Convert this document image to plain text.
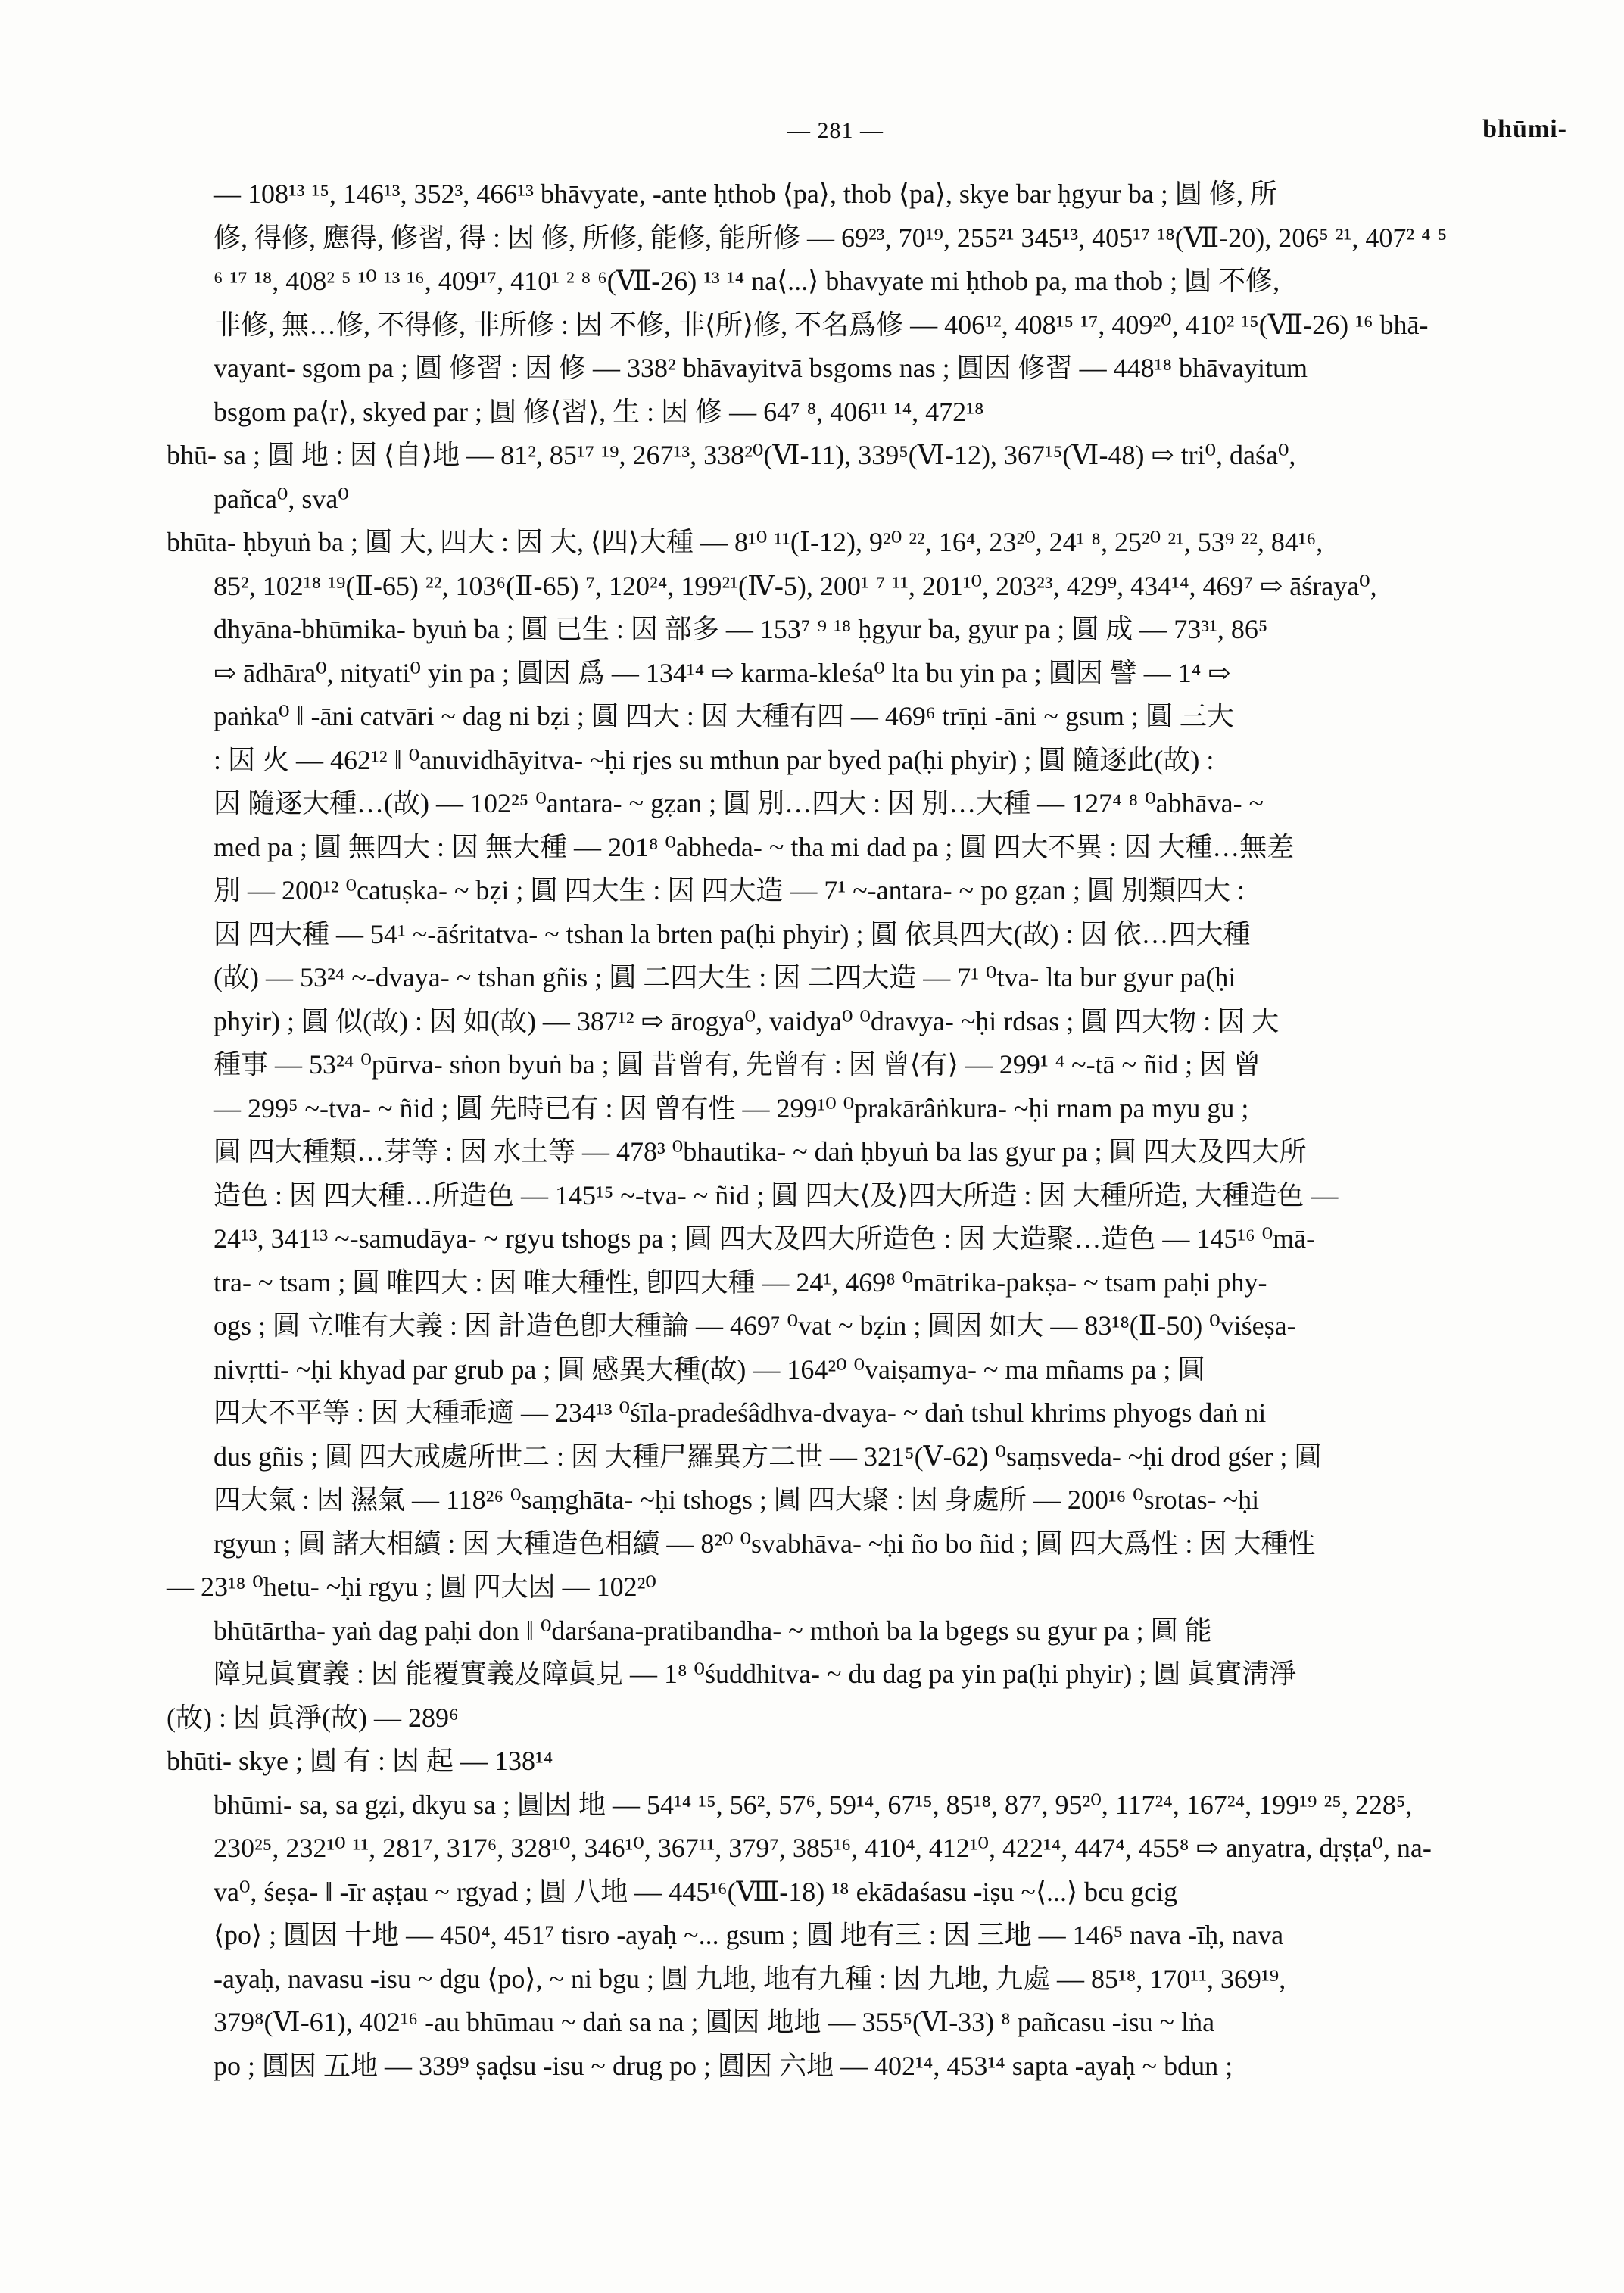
— 281 —	bhūmi-

— 108¹³ ¹⁵, 146¹³, 352³, 466¹³ bhāvyate, -ante ḥthob ⟨pa⟩, thob ⟨pa⟩, skye bar ḥgyur ba ; 圓 修, 所

修, 得修, 應得, 修習, 得 : 因 修, 所修, 能修, 能所修 — 69²³, 70¹⁹, 255²¹ 345¹³, 405¹⁷ ¹⁸(Ⅶ-20), 206⁵ ²¹, 407² ⁴ ⁵

⁶ ¹⁷ ¹⁸, 408² ⁵ ¹⁰ ¹³ ¹⁶, 409¹⁷, 410¹ ² ⁸ ⁶(Ⅶ-26) ¹³ ¹⁴ na⟨...⟩ bhavyate mi ḥthob pa, ma thob ; 圓 不修,

非修, 無…修, 不得修, 非所修 : 因 不修, 非⟨所⟩修, 不名爲修 — 406¹², 408¹⁵ ¹⁷, 409²⁰, 410² ¹⁵(Ⅶ-26) ¹⁶ bhā-

vayant- sgom pa ; 圓 修習 : 因 修 — 338² bhāvayitvā bsgoms nas ; 圓因 修習 — 448¹⁸ bhāvayitum

bsgom pa⟨r⟩, skyed par ; 圓 修⟨習⟩, 生 : 因 修 — 64⁷ ⁸, 406¹¹ ¹⁴, 472¹⁸

bhū- sa ; 圓 地 : 因 ⟨自⟩地 — 81², 85¹⁷ ¹⁹, 267¹³, 338²⁰(Ⅵ-11), 339⁵(Ⅵ-12), 367¹⁵(Ⅵ-48) ⇨ tri⁰, daśa⁰,

pañca⁰, sva⁰

bhūta- ḥbyuṅ ba ; 圓 大, 四大 : 因 大, ⟨四⟩大種 — 8¹⁰ ¹¹(Ⅰ-12), 9²⁰ ²², 16⁴, 23²⁰, 24¹ ⁸, 25²⁰ ²¹, 53⁹ ²², 84¹⁶,

85², 102¹⁸ ¹⁹(Ⅱ-65) ²², 103⁶(Ⅱ-65) ⁷, 120²⁴, 199²¹(Ⅳ-5), 200¹ ⁷ ¹¹, 201¹⁰, 203²³, 429⁹, 434¹⁴, 469⁷ ⇨ āśraya⁰,

dhyāna-bhūmika- byuṅ ba ; 圓 已生 : 因 部多 — 153⁷ ⁹ ¹⁸ ḥgyur ba, gyur pa ; 圓 成 — 73³¹, 86⁵

⇨ ādhāra⁰, nityati⁰ yin pa ; 圓因 爲 — 134¹⁴ ⇨ karma-kleśa⁰ lta bu yin pa ; 圓因 譬 — 1⁴ ⇨

paṅka⁰ ‖ -āni catvāri ~ dag ni bẓi ; 圓 四大 : 因 大種有四 — 469⁶ trīṇi -āni ~ gsum ; 圓 三大

: 因 火 — 462¹² ‖ ⁰anuvidhāyitva- ~ḥi rjes su mthun par byed pa(ḥi phyir) ; 圓 隨逐此(故) :

因 隨逐大種…(故) — 102²⁵ ⁰antara- ~ gẓan ; 圓 別…四大 : 因 別…大種 — 127⁴ ⁸ ⁰abhāva- ~

med pa ; 圓 無四大 : 因 無大種 — 201⁸ ⁰abheda- ~ tha mi dad pa ; 圓 四大不異 : 因 大種…無差

別 — 200¹² ⁰catuṣka- ~ bẓi ; 圓 四大生 : 因 四大造 — 7¹ ~-antara- ~ po gẓan ; 圓 別類四大 :

因 四大種 — 54¹ ~-āśritatva- ~ tshan la brten pa(ḥi phyir) ; 圓 依具四大(故) : 因 依…四大種

(故) — 53²⁴ ~-dvaya- ~ tshan gñis ; 圓 二四大生 : 因 二四大造 — 7¹ ⁰tva- lta bur gyur pa(ḥi

phyir) ; 圓 似(故) : 因 如(故) — 387¹² ⇨ ārogya⁰, vaidya⁰ ⁰dravya- ~ḥi rdsas ; 圓 四大物 : 因 大

種事 — 53²⁴ ⁰pūrva- sṅon byuṅ ba ; 圓 昔曾有, 先曾有 : 因 曾⟨有⟩ — 299¹ ⁴ ~-tā ~ ñid ; 因 曾

— 299⁵ ~-tva- ~ ñid ; 圓 先時已有 : 因 曾有性 — 299¹⁰ ⁰prakārâṅkura- ~ḥi rnam pa myu gu ;

圓 四大種類…芽等 : 因 水土等 — 478³ ⁰bhautika- ~ daṅ ḥbyuṅ ba las gyur pa ; 圓 四大及四大所

造色 : 因 四大種…所造色 — 145¹⁵ ~-tva- ~ ñid ; 圓 四大⟨及⟩四大所造 : 因 大種所造, 大種造色 —

24¹³, 341¹³ ~-samudāya- ~ rgyu tshogs pa ; 圓 四大及四大所造色 : 因 大造聚…造色 — 145¹⁶ ⁰mā-

tra- ~ tsam ; 圓 唯四大 : 因 唯大種性, 卽四大種 — 24¹, 469⁸ ⁰mātrika-pakṣa- ~ tsam paḥi phy-

ogs ; 圓 立唯有大義 : 因 計造色卽大種論 — 469⁷ ⁰vat ~ bẓin ; 圓因 如大 — 83¹⁸(Ⅱ-50) ⁰viśeṣa-

nivṛtti- ~ḥi khyad par grub pa ; 圓 感異大種(故) — 164²⁰ ⁰vaiṣamya- ~ ma mñams pa ; 圓

四大不平等 : 因 大種乖適 — 234¹³ ⁰śīla-pradeśâdhva-dvaya- ~ daṅ tshul khrims phyogs daṅ ni

dus gñis ; 圓 四大戒處所世二 : 因 大種尸羅異方二世 — 321⁵(Ⅴ-62) ⁰saṃsveda- ~ḥi drod gśer ; 圓

四大氣 : 因 濕氣 — 118²⁶ ⁰saṃghāta- ~ḥi tshogs ; 圓 四大聚 : 因 身處所 — 200¹⁶ ⁰srotas- ~ḥi

rgyun ; 圓 諸大相續 : 因 大種造色相續 — 8²⁰ ⁰svabhāva- ~ḥi ño bo ñid ; 圓 四大爲性 : 因 大種性

— 23¹⁸ ⁰hetu- ~ḥi rgyu ; 圓 四大因 — 102²⁰

bhūtārtha- yaṅ dag paḥi don ‖ ⁰darśana-pratibandha- ~ mthoṅ ba la bgegs su gyur pa ; 圓 能

障見眞實義 : 因 能覆實義及障眞見 — 1⁸ ⁰śuddhitva- ~ du dag pa yin pa(ḥi phyir) ; 圓 眞實淸淨

(故) : 因 眞淨(故) — 289⁶

bhūti- skye ; 圓 有 : 因 起 — 138¹⁴

bhūmi- sa, sa gẓi, dkyu sa ; 圓因 地 — 54¹⁴ ¹⁵, 56², 57⁶, 59¹⁴, 67¹⁵, 85¹⁸, 87⁷, 95²⁰, 117²⁴, 167²⁴, 199¹⁹ ²⁵, 228⁵,

230²⁵, 232¹⁰ ¹¹, 281⁷, 317⁶, 328¹⁰, 346¹⁰, 367¹¹, 379⁷, 385¹⁶, 410⁴, 412¹⁰, 422¹⁴, 447⁴, 455⁸ ⇨ anyatra, dṛṣṭa⁰, na-

va⁰, śeṣa- ‖ -īr aṣṭau ~ rgyad ; 圓 八地 — 445¹⁶(Ⅷ-18) ¹⁸ ekādaśasu -iṣu ~⟨...⟩ bcu gcig

⟨po⟩ ; 圓因 十地 — 450⁴, 451⁷ tisro -ayaḥ ~... gsum ; 圓 地有三 : 因 三地 — 146⁵ nava -īḥ, nava

-ayaḥ, navasu -isu ~ dgu ⟨po⟩, ~ ni bgu ; 圓 九地, 地有九種 : 因 九地, 九處 — 85¹⁸, 170¹¹, 369¹⁹,

379⁸(Ⅵ-61), 402¹⁶ -au bhūmau ~ daṅ sa na ; 圓因 地地 — 355⁵(Ⅵ-33) ⁸ pañcasu -isu ~ lṅa

po ; 圓因 五地 — 339⁹ ṣaḍsu -isu ~ drug po ; 圓因 六地 — 402¹⁴, 453¹⁴ sapta -ayaḥ ~ bdun ;
